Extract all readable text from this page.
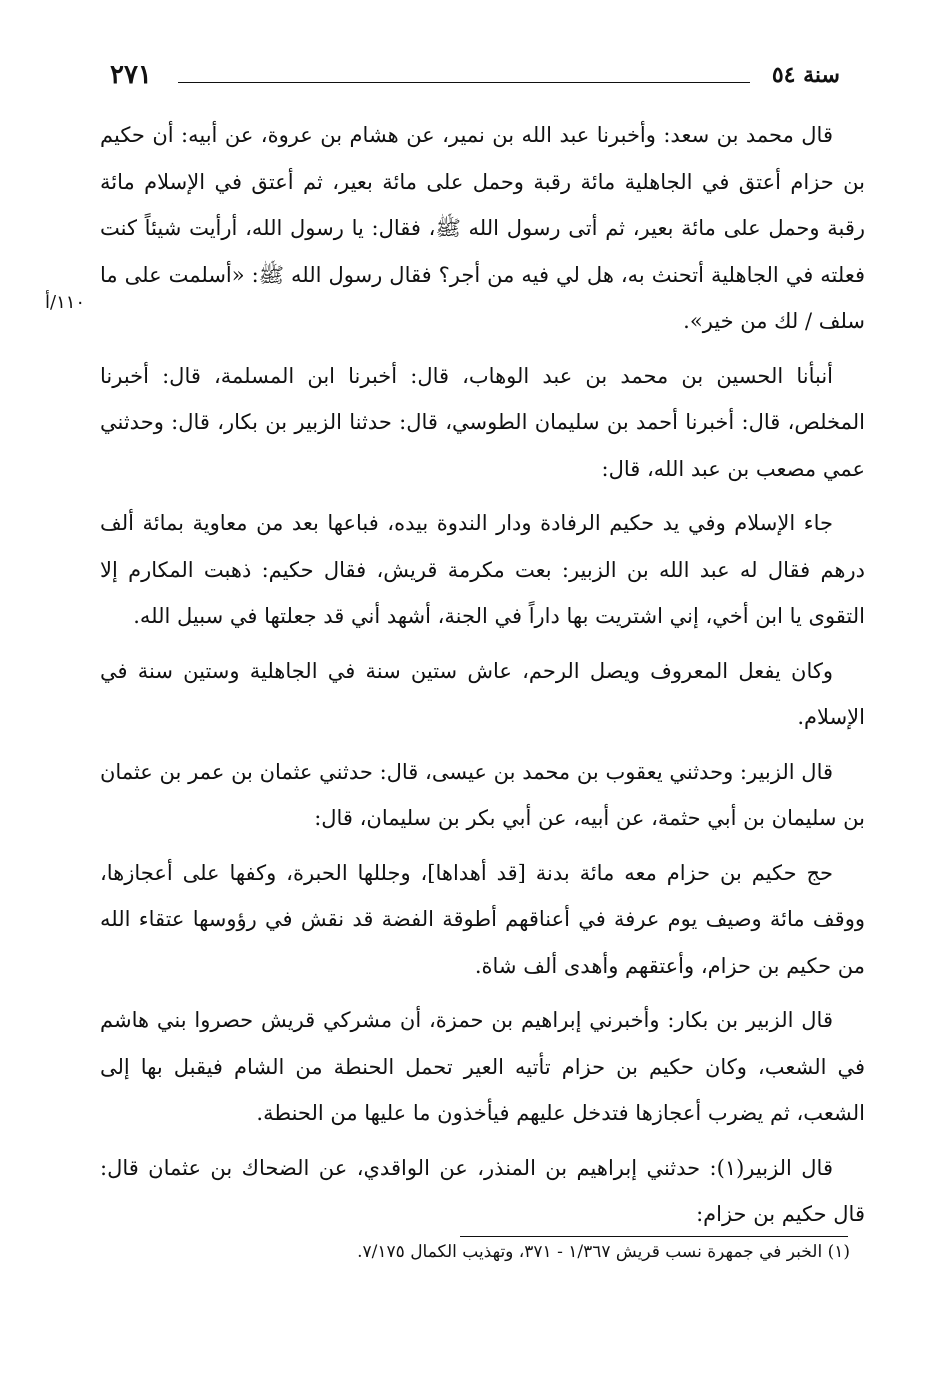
٢٧١	سنة ٥٤
١١٠/أ

قال محمد بن سعد: وأخبرنا عبد الله بن نمير، عن هشام بن عروة، عن أبيه: أن حكيم بن حزام أعتق في الجاهلية مائة رقبة وحمل على مائة بعير، ثم أعتق في الإسلام مائة رقبة وحمل على مائة بعير، ثم أتى رسول الله ﷺ، فقال: يا رسول الله، أرأيت شيئاً كنت فعلته في الجاهلية أتحنث به، هل لي فيه من أجر؟ فقال رسول الله ﷺ: «أسلمت على ما سلف / لك من خير».

أنبأنا الحسين بن محمد بن عبد الوهاب، قال: أخبرنا ابن المسلمة، قال: أخبرنا المخلص، قال: أخبرنا أحمد بن سليمان الطوسي، قال: حدثنا الزبير بن بكار، قال: وحدثني عمي مصعب بن عبد الله، قال:

جاء الإسلام وفي يد حكيم الرفادة ودار الندوة بيده، فباعها بعد من معاوية بمائة ألف درهم فقال له عبد الله بن الزبير: بعت مكرمة قريش، فقال حكيم: ذهبت المكارم إلا التقوى يا ابن أخي، إني اشتريت بها داراً في الجنة، أشهد أني قد جعلتها في سبيل الله.

وكان يفعل المعروف ويصل الرحم، عاش ستين سنة في الجاهلية وستين سنة في الإسلام.

قال الزبير: وحدثني يعقوب بن محمد بن عيسى، قال: حدثني عثمان بن عمر بن عثمان بن سليمان بن أبي حثمة، عن أبيه، عن أبي بكر بن سليمان، قال:

حج حكيم بن حزام معه مائة بدنة [قد أهداها]، وجللها الحبرة، وكفها على أعجازها، ووقف مائة وصيف يوم عرفة في أعناقهم أطوقة الفضة قد نقش في رؤوسها عتقاء الله من حكيم بن حزام، وأعتقهم وأهدى ألف شاة.

قال الزبير بن بكار: وأخبرني إبراهيم بن حمزة، أن مشركي قريش حصروا بني هاشم في الشعب، وكان حكيم بن حزام تأتيه العير تحمل الحنطة من الشام فيقبل بها إلى الشعب، ثم يضرب أعجازها فتدخل عليهم فيأخذون ما عليها من الحنطة.

قال الزبير(١): حدثني إبراهيم بن المنذر، عن الواقدي، عن الضحاك بن عثمان قال: قال حكيم بن حزام:

(١) الخبر في جمهرة نسب قريش ١/٣٦٧ - ٣٧١، وتهذيب الكمال ٧/١٧٥.
